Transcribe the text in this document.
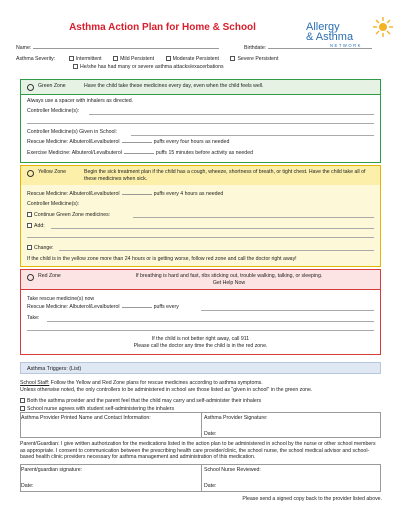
Asthma Action Plan for Home & School	Allergy
& Asthma
NETWORK
Name:	Birthdate:
Asthma Severity:	Intermittent	Mild Persistent	Moderate Persistent	Severe Persistent
He/she has had many or severe asthma attacks/exacerbations
Green Zone	Have the child take these medicines every day, even when the child feels well.
Always use a spacer with inhalers as directed.
Controller Medicine(s):
Controller Medicine(s) Given in School:
Rescue Medicine: Albuterol/Levalbuterol	puffs every four hours as needed
Exercise Medicine: Albuterol/Levalbuterol	puffs 15 minutes before activity as needed
Yellow Zone	Begin the sick treatment plan if the child has a cough, wheeze, shortness of breath, or tight chest. Have the child take all of these medicines when sick.
Rescue Medicine: Albuterol/Levalbuterol	puffs every 4 hours as needed
Controller Medicine(s):
Continue Green Zone medicines:
Add:
Change:
If the child is in the yellow zone more than 24 hours or is getting worse, follow red zone and call the doctor right away!
Red Zone	If breathing is hard and fast, ribs sticking out, trouble walking, talking, or sleeping.
Get Help Now
Take rescue medicine(s) now
Rescue Medicine: Albuterol/Levalbuterol	puffs every
Take:
If the child is not better right away, call 911
Please call the doctor any time the child is in the red zone.
Asthma Triggers: (List)
School Staff: Follow the Yellow and Red Zone plans for rescue medicines according to asthma symptoms.
Unless otherwise noted, the only controllers to be administered in school are those listed as "given in school" in the green zone.
Both the asthma provider and the parent feel that the child may carry and self-administer their inhalers
School nurse agrees with student self-administering the inhalers
Asthma Provider Printed Name and Contact Information:	Asthma Provider Signature:
Date:
Parent/Guardian: I give written authorization for the medications listed in the action plan to be administered in school by the nurse or other school members as appropriate. I consent to communication between the prescribing health care provider/clinic, the school nurse, the school medical advisor and school-based health clinic providers necessary for asthma management and administration of this medication.
Parent/guardian signature:	School Nurse Reviewed:
Date:	Date:
Please send a signed copy back to the provider listed above.
